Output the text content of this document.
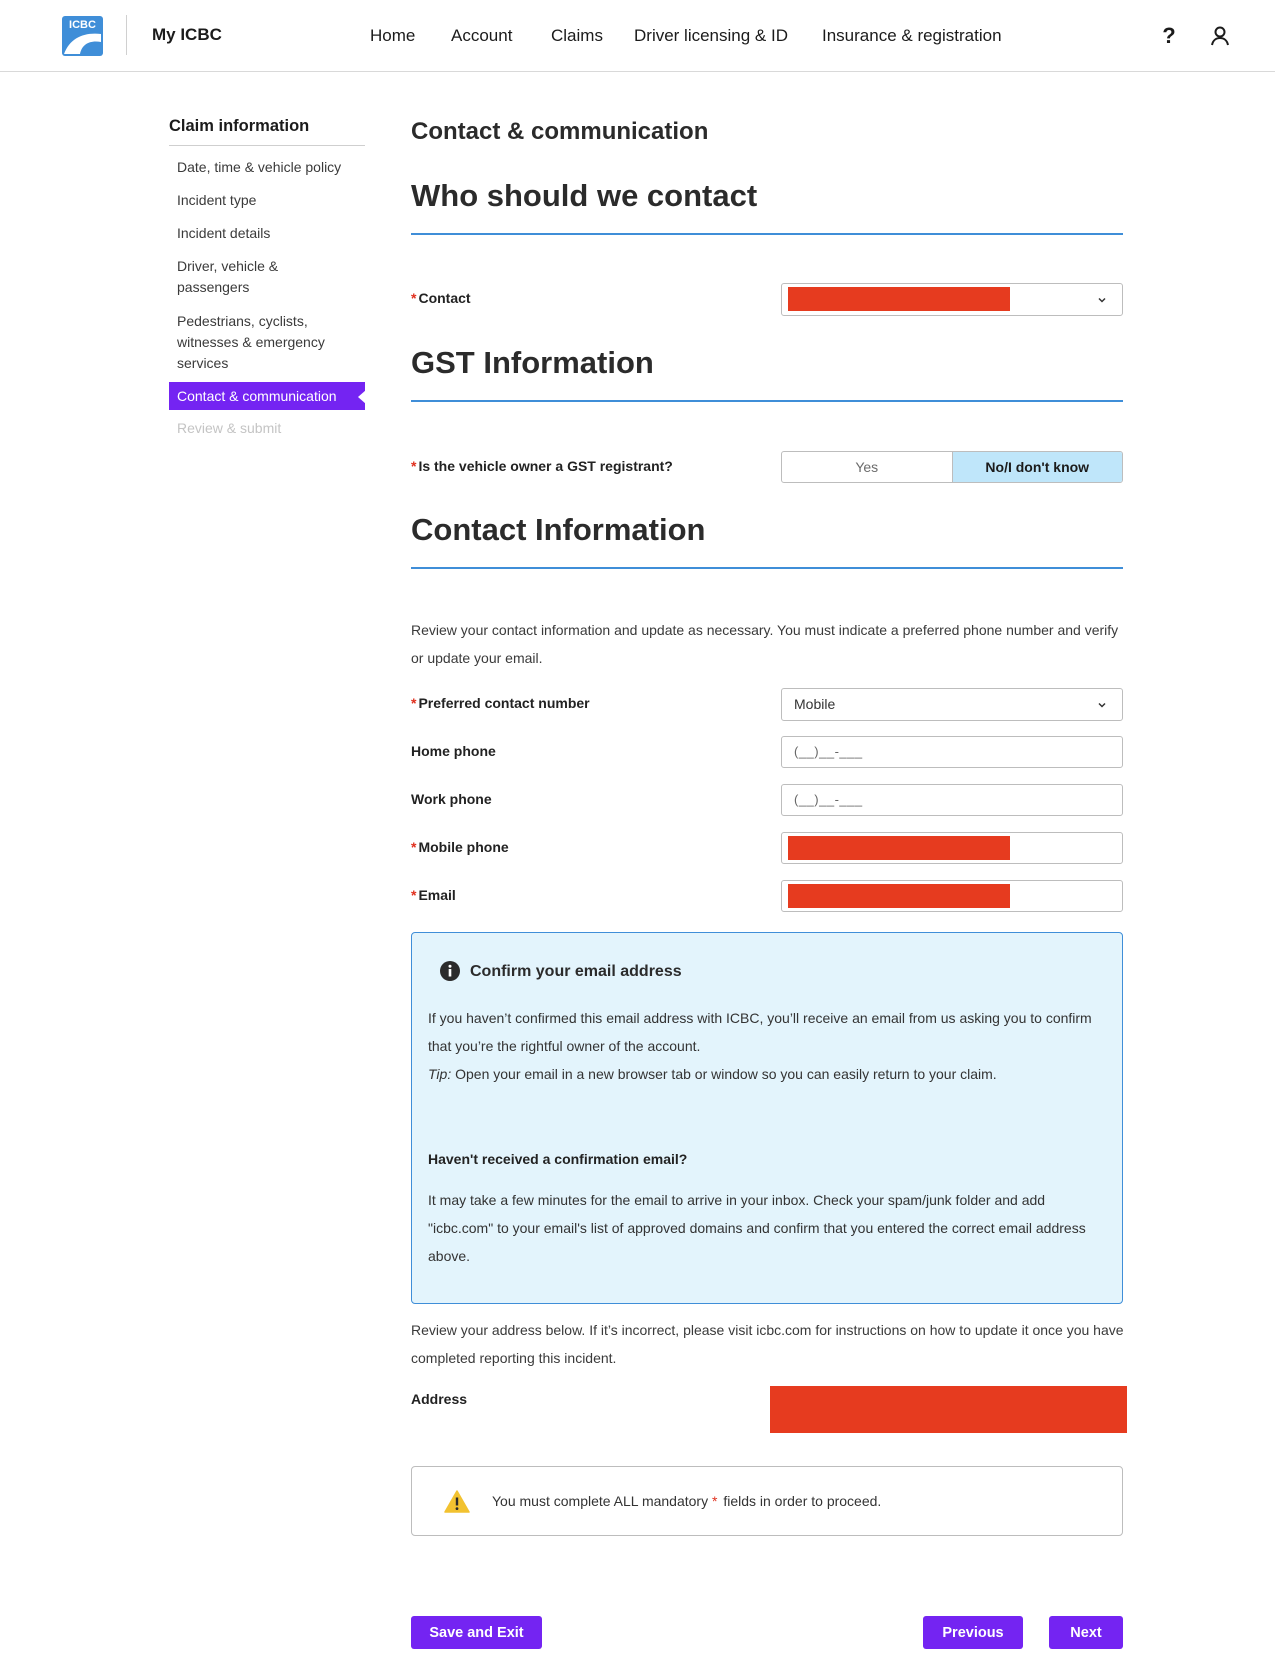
ICBC	My ICBC	Home Account Claims Driver licensing & ID Insurance & registration	?
Claim information
Date, time & vehicle policy
Incident type
Incident details
Driver, vehicle & passengers
Pedestrians, cyclists, witnesses & emergency services
Contact & communication
Review & submit
Contact & communication
Who should we contact
* Contact
GST Information
* Is the vehicle owner a GST registrant?	Yes	No/I don't know
Contact Information
Review your contact information and update as necessary. You must indicate a preferred phone number and verify or update your email.
* Preferred contact number	Mobile
Home phone	(__)__-___
Work phone	(__)__-___
* Mobile phone
* Email
Confirm your email address
If you haven’t confirmed this email address with ICBC, you’ll receive an email from us asking you to confirm that you’re the rightful owner of the account.
Tip: Open your email in a new browser tab or window so you can easily return to your claim.
Haven't received a confirmation email?
It may take a few minutes for the email to arrive in your inbox. Check your spam/junk folder and add "icbc.com" to your email's list of approved domains and confirm that you entered the correct email address above.
Review your address below. If it’s incorrect, please visit icbc.com for instructions on how to update it once you have completed reporting this incident.
Address
You must complete ALL mandatory * fields in order to proceed.
Save and Exit	Previous	Next
